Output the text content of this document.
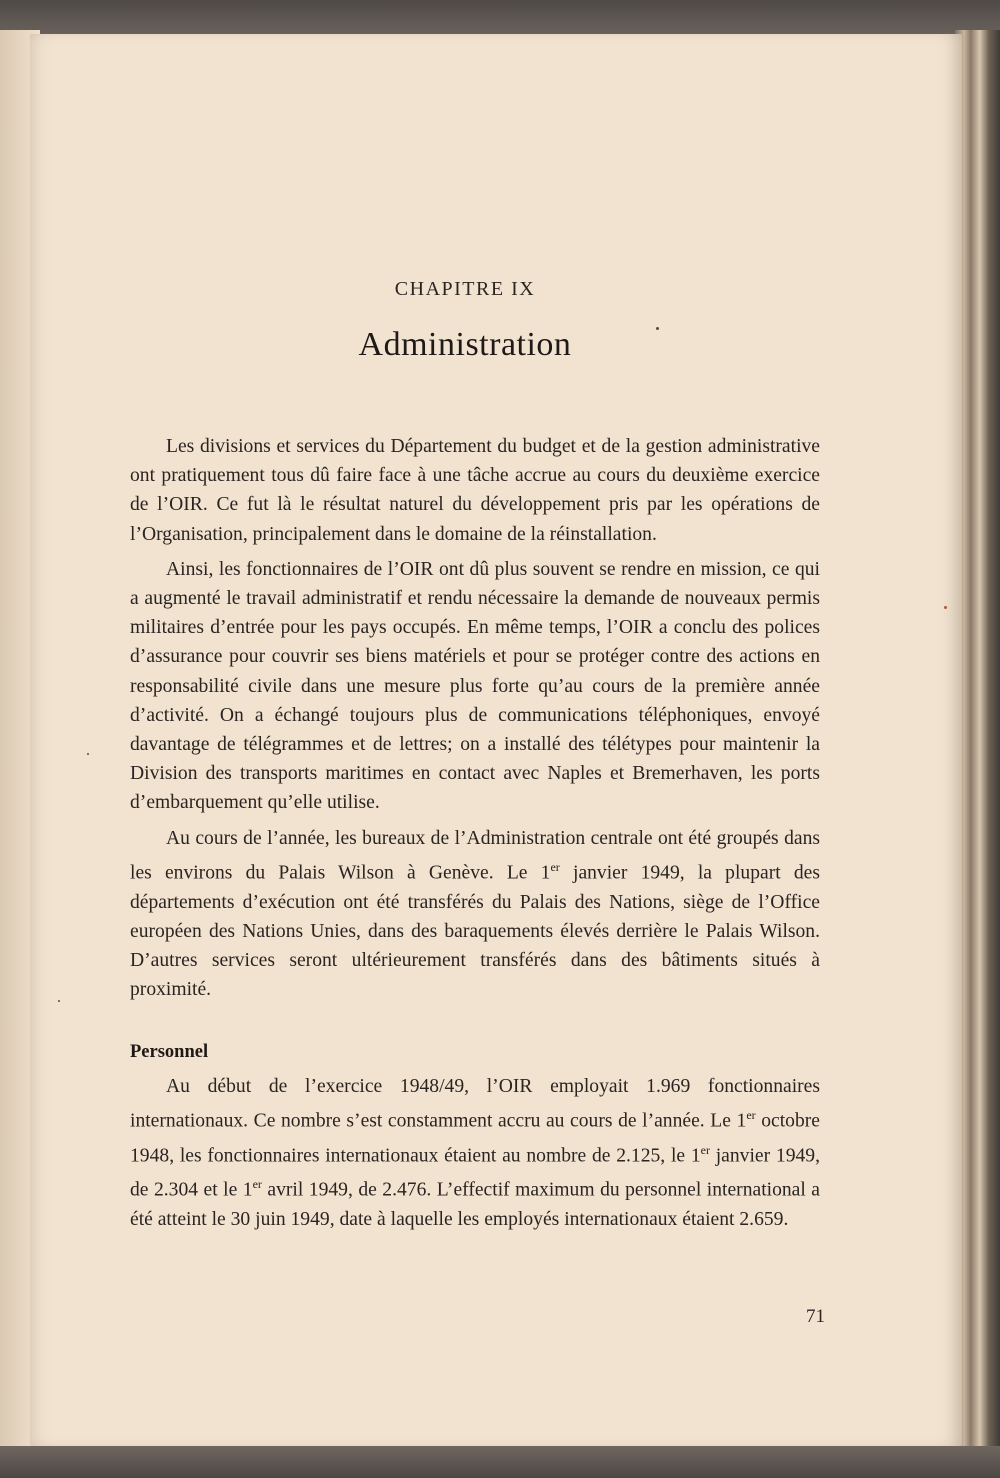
CHAPITRE IX
Administration

Les divisions et services du Département du budget et de la gestion administrative ont pratiquement tous dû faire face à une tâche accrue au cours du deuxième exercice de l’OIR. Ce fut là le résultat naturel du développement pris par les opérations de l’Organisation, principalement dans le domaine de la réinstallation.

Ainsi, les fonctionnaires de l’OIR ont dû plus souvent se rendre en mission, ce qui a augmenté le travail administratif et rendu nécessaire la demande de nouveaux permis militaires d’entrée pour les pays occupés. En même temps, l’OIR a conclu des polices d’assurance pour couvrir ses biens matériels et pour se protéger contre des actions en responsabilité civile dans une mesure plus forte qu’au cours de la première année d’activité. On a échangé toujours plus de communications téléphoniques, envoyé davantage de télégrammes et de lettres; on a installé des télétypes pour maintenir la Division des transports maritimes en contact avec Naples et Bremerhaven, les ports d’embarquement qu’elle utilise.

Au cours de l’année, les bureaux de l’Administration centrale ont été groupés dans les environs du Palais Wilson à Genève. Le 1er janvier 1949, la plupart des départements d’exécution ont été transférés du Palais des Nations, siège de l’Office européen des Nations Unies, dans des baraquements élevés derrière le Palais Wilson. D’autres services seront ultérieurement transférés dans des bâtiments situés à proximité.

Personnel

Au début de l’exercice 1948/49, l’OIR employait 1.969 fonctionnaires internationaux. Ce nombre s’est constamment accru au cours de l’année. Le 1er octobre 1948, les fonctionnaires internationaux étaient au nombre de 2.125, le 1er janvier 1949, de 2.304 et le 1er avril 1949, de 2.476. L’effectif maximum du personnel international a été atteint le 30 juin 1949, date à laquelle les employés internationaux étaient 2.659.

71
